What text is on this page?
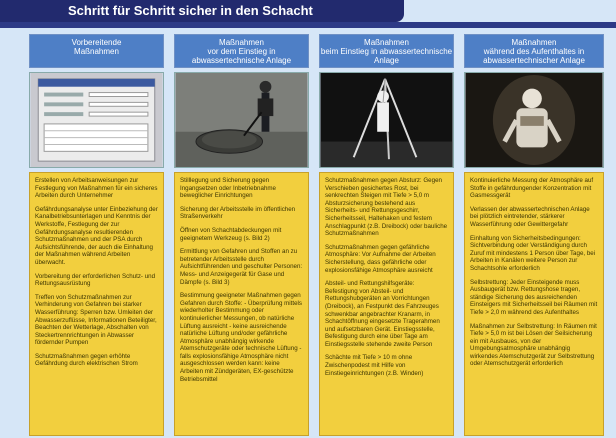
Schritt für Schritt sicher in den Schacht
Vorbereitende
Maßnahmen

Erstellen von Arbeitsanweisungen zur Festlegung von Maßnahmen für ein sicheres Arbeiten durch Unternehmer

Gefährdungsanalyse unter Einbeziehung der Kanalbetriebsunterlagen und Kenntnis der Werkstoffe, Festlegung der zur Gefährdungsanalyse resultierenden Schutzmaßnahmen und der PSA durch Aufsichtsführende, der auch die Einhaltung der Maßnahmen während Arbeiten überwacht.

Vorbereitung der erforderlichen Schutz- und Rettungsausrüstung

Treffen von Schutzmaßnahmen zur Verhinderung von Gefahren bei starker Wasserführung: Sperren bzw. Umleiten der Abwasserzuflüsse, Informationen Beteiligter, Beachten der Wetterlage, Abschalten von Steckertrennrichtungen in Abwasser fördernder Pumpen

Schutzmaßnahmen gegen erhöhte Gefährdung durch elektrischen Strom

Maßnahmen
vor dem Einstieg in abwassertechnische Anlage

Stilllegung und Sicherung gegen Ingangsetzen oder Inbetriebnahme beweglicher Einrichtungen

Sicherung der Arbeitsstelle im öffentlichen Straßenverkehr

Öffnen von Schachtabdeckungen mit geeignetem Werkzeug (s. Bild 2)

Ermittlung von Gefahren und Stoffen an zu betretender Arbeitsstelle durch Aufsichtführenden und geschulter Personen: Mess- und Anzeigegerät für Gase und Dämpfe (s. Bild 3)

Bestimmung geeigneter Maßnahmen gegen Gefahren durch Stoffe: - Überprüfung mittels wiederholter Bestimmung oder kontinuierlicher Messungen, ob natürliche Lüftung ausreicht - keine ausreichende natürliche Lüftung und/oder gefährliche Atmosphäre unabhängig wirkende Atemschutzgeräte oder technische Lüftung - falls explosionsfähige Atmosphäre nicht ausgeschlossen werden kann: keine Arbeiten mit Zündgeräten, EX-geschützte Betriebsmittel

Maßnahmen
beim Einstieg in abwassertechnische Anlage

Schutzmaßnahmen gegen Absturz: Gegen Verschieben gesichertes Rost, bei senkrechten Steigen mit Tiefe > 5,0 m Absturzsicherung bestehend aus Sicherheits- und Rettungsgeschirr, Sicherheitsseil, Haltehaken und festem Anschlagpunkt (z.B. Dreibock) oder bauliche Schutzmaßnahmen

Schutzmaßnahmen gegen gefährliche Atmosphäre: Vor Aufnahme der Arbeiten Sicherstellung, dass gefährliche oder explosionsfähige Atmosphäre ausreicht

Absteil- und Rettungshilfsgeräte: Befestigung von Absteil- und Rettungshubgeräten an Vorrichtungen (Dreibock), an Festpunkt des Fahrzeuges schwenkbar angebrachter Kranarm, in Schachtöffnung eingesetzte Tragerahmen und aufsetzbaren Gerät. Einstiegsstelle, Befestigung durch eine über Tage am Einstiegsstelle stehende zweite Person

Schächte mit Tiefe > 10 m ohne Zwischenpodest mit Hilfe von Einstiegeinrichtungen (z.B. Winden)

Maßnahmen
während des Aufenthaltes in abwassertechnischer Anlage

Kontinuierliche Messung der Atmosphäre auf Stoffe in gefährdungender Konzentration mit Gasmessgerät

Verlassen der abwassertechnischen Anlage bei plötzlich eintretender, stärkerer Wasserführung oder Gewittergefahr

Einhaltung von Sicherheitsbedingungen: Sichtverbindung oder Verständigung durch Zuruf mit mindestens 1 Person über Tage, bei Arbeiten in Kanälen weitere Person zur Schachtsohle erforderlich

Selbstrettung: Jeder Einsteigende muss Ausbaugerät bzw. Rettungshose tragen, ständige Sicherung des ausreichenden Einsteigers mit Sicherheitsseil bei Räumen mit Tiefe > 2,0 m während des Aufenthaltes

Maßnahmen zur Selbstrettung: In Räumen mit Tiefe > 5,0 m ist bei Lösen der Seilsicherung ein mit Ausbaues, von der Umgebungsatmosphäre unabhängig wirkendes Atemschutzgerät zur Selbstrettung oder Atemschutzgerät erforderlich
